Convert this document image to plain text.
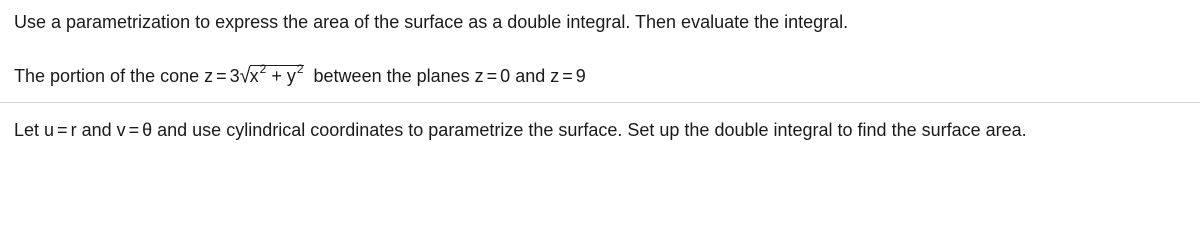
Use a parametrization to express the area of the surface as a double integral. Then evaluate the integral.
The portion of the cone $z = 3√x^2 + y^2$ between the planes z = 0 and z = 9
Let u = r and v = θ and use cylindrical coordinates to parametrize the surface. Set up the double integral to find the surface area.
